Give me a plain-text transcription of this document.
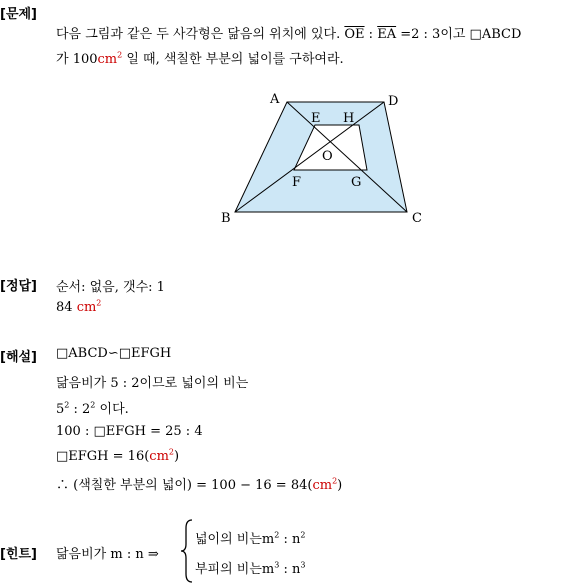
[문제]
다음 그림과 같은 두 사각형은 닮음의 위치에 있다. $\overline{OE}$ : $\overline{EA} =2$ : 3이고 □ABCD
가 $100cm^2$ 일 때, 색칠한 부분의 넓이를 구하여라.
A	D
B	C
E H
F	G
O
[정답] 순서: 없음, 갯수: 1
84 $cm^2$
[해설] □ABCD∽□EFGH
닮음비가 5 : 2이므로 넓이의 비는
$5^2$ : $2^2$ 이다.
100 : □EFGH = 25 : 4
□EFGH = $16(cm^2)$
∴ (색칠한 부분의 넓이) = $100 - 16 = 84(cm^2)$
[힌트] 닮음비가 m : n ⇒
넓이의 비는$m^2$ : $n^2$
부피의 비는$m^3$ : $n^3$
